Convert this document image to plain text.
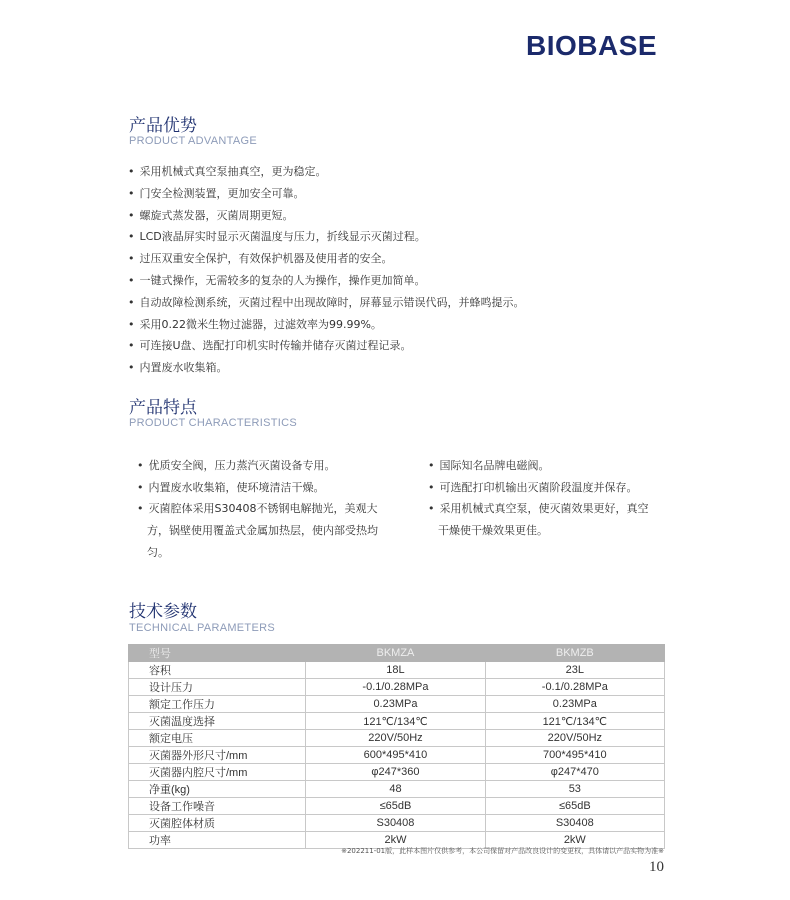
BIOBASE
产品优势
PRODUCT ADVANTAGE
• 采用机械式真空泵抽真空，更为稳定。
• 门安全检测装置，更加安全可靠。
• 螺旋式蒸发器，灭菌周期更短。
• LCD液晶屏实时显示灭菌温度与压力，折线显示灭菌过程。
• 过压双重安全保护，有效保护机器及使用者的安全。
• 一键式操作，无需较多的复杂的人为操作，操作更加简单。
• 自动故障检测系统，灭菌过程中出现故障时，屏幕显示错误代码，并蜂鸣提示。
• 采用0.22微米生物过滤器，过滤效率为99.99%。
• 可连接U盘、选配打印机实时传输并储存灭菌过程记录。
• 内置废水收集箱。
产品特点
PRODUCT CHARACTERISTICS
• 优质安全阀，压力蒸汽灭菌设备专用。
• 内置废水收集箱，使环境清洁干燥。
• 灭菌腔体采用S30408不锈钢电解抛光，美观大方，锅壁使用覆盖式金属加热层，使内部受热均匀。
• 国际知名品牌电磁阀。
• 可选配打印机输出灭菌阶段温度并保存。
• 采用机械式真空泵，使灭菌效果更好，真空干燥使干燥效果更佳。
技术参数
TECHNICAL PARAMETERS
型号	BKMZA	BKMZB
容积	18L	23L
设计压力	-0.1/0.28MPa	-0.1/0.28MPa
额定工作压力	0.23MPa	0.23MPa
灭菌温度选择	121℃/134℃	121℃/134℃
额定电压	220V/50Hz	220V/50Hz
灭菌器外形尺寸/mm	600*495*410	700*495*410
灭菌器内腔尺寸/mm	φ247*360	φ247*470
净重(kg)	48	53
设备工作噪音	≤65dB	≤65dB
灭菌腔体材质	S30408	S30408
功率	2kW	2kW
※202211-01版，此样本图片仅供参考，本公司保留对产品改良设计的变更权，具体请以产品实物为准※
10
